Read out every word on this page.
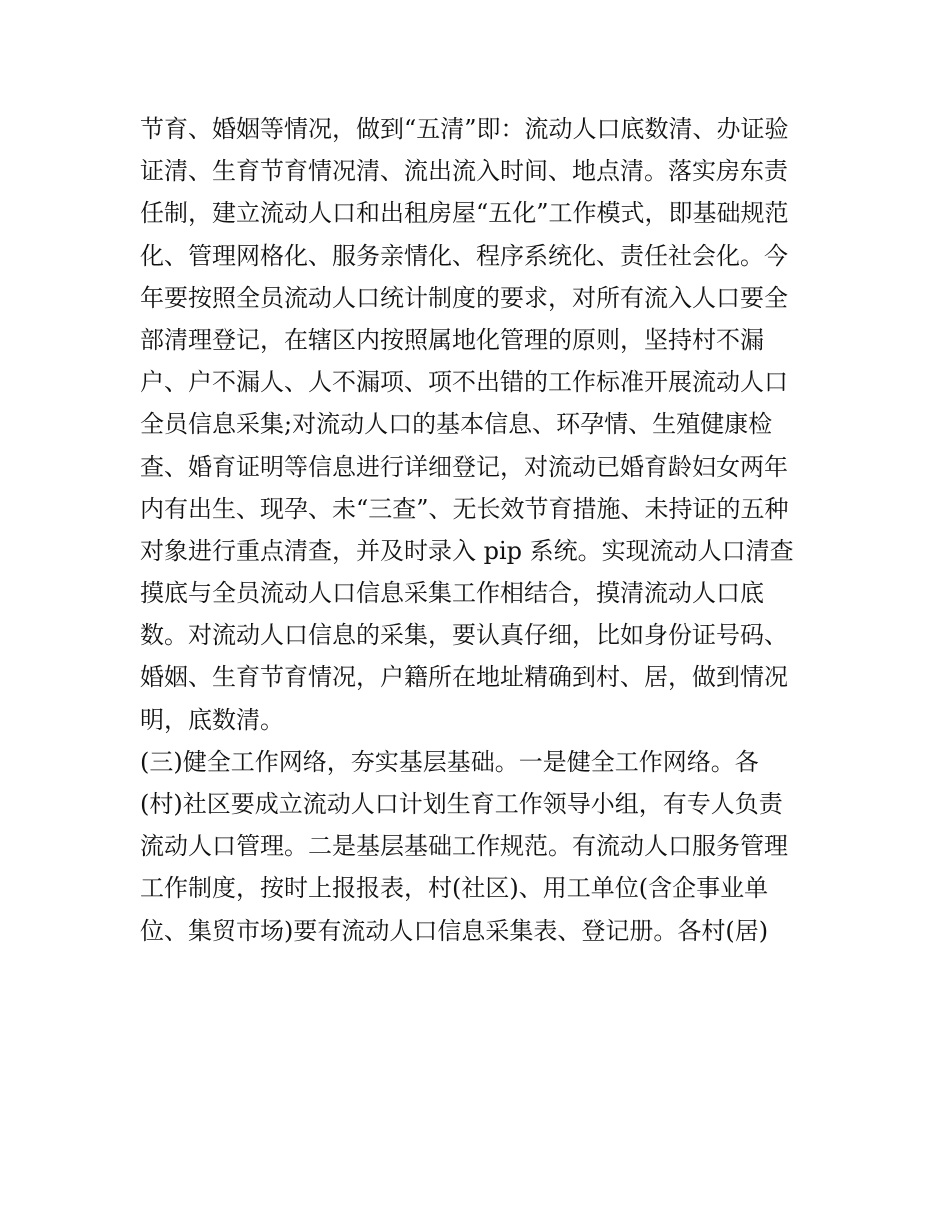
节育、婚姻等情况，做到“五清”即：流动人口底数清、办证验
证清、生育节育情况清、流出流入时间、地点清。落实房东责
任制，建立流动人口和出租房屋“五化”工作模式，即基础规范
化、管理网格化、服务亲情化、程序系统化、责任社会化。今
年要按照全员流动人口统计制度的要求，对所有流入人口要全
部清理登记，在辖区内按照属地化管理的原则，坚持村不漏
户、户不漏人、人不漏项、项不出错的工作标准开展流动人口
全员信息采集;对流动人口的基本信息、环孕情、生殖健康检
查、婚育证明等信息进行详细登记，对流动已婚育龄妇女两年
内有出生、现孕、未“三查”、无长效节育措施、未持证的五种
对象进行重点清查，并及时录入 pip 系统。实现流动人口清查
摸底与全员流动人口信息采集工作相结合，摸清流动人口底
数。对流动人口信息的采集，要认真仔细，比如身份证号码、
婚姻、生育节育情况，户籍所在地址精确到村、居，做到情况
明，底数清。
(三)健全工作网络，夯实基层基础。一是健全工作网络。各
(村)社区要成立流动人口计划生育工作领导小组，有专人负责
流动人口管理。二是基层基础工作规范。有流动人口服务管理
工作制度，按时上报报表，村(社区)、用工单位(含企事业单
位、集贸市场)要有流动人口信息采集表、登记册。各村(居)
